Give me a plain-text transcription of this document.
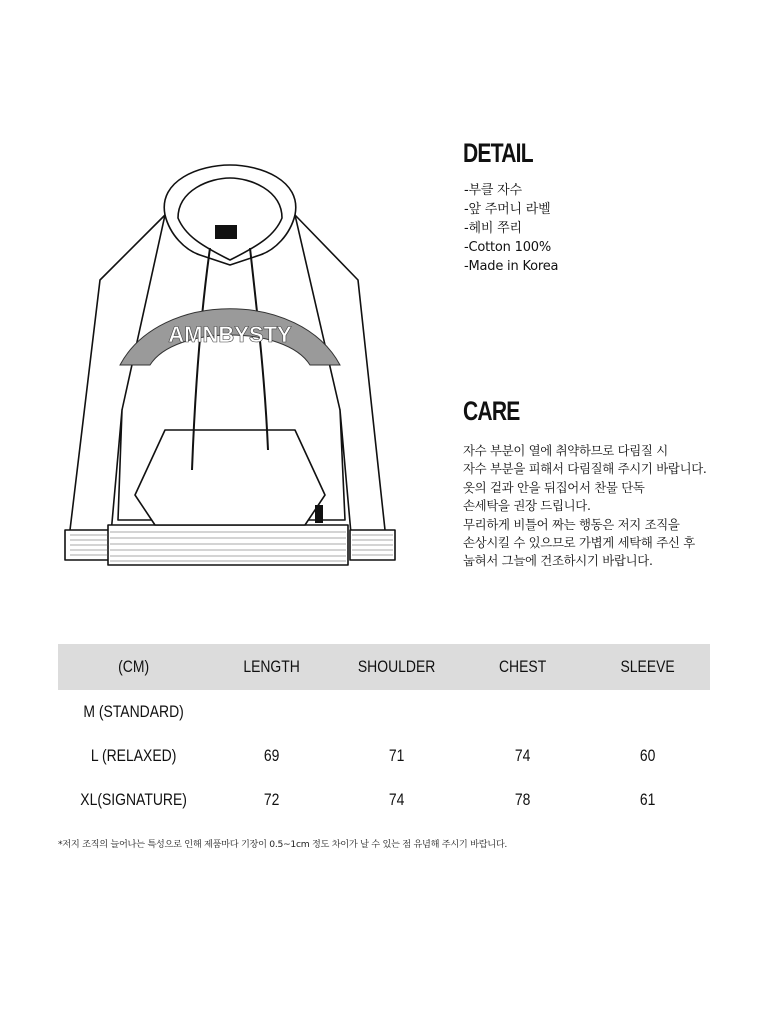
AMNBYSTY
DETAIL
-부클 자수
-앞 주머니 라벨
-헤비 쭈리
-Cotton 100%
-Made in Korea
CARE
자수 부분이 열에 취약하므로 다림질 시
자수 부분을 피해서 다림질해 주시기 바랍니다.
옷의 겉과 안을 뒤집어서 찬물 단독
손세탁을 권장 드립니다.
무리하게 비틀어 짜는 행동은 저지 조직을
손상시킬 수 있으므로 가볍게 세탁해 주신 후
눕혀서 그늘에 건조하시기 바랍니다.
(CM)	LENGTH	SHOULDER	CHEST	SLEEVE
M (STANDARD)
L (RELAXED)	69	71	74	60
XL(SIGNATURE)	72	74	78	61
*저지 조직의 늘어나는 특성으로 인해 제품마다 기장이 0.5~1cm 정도 차이가 날 수 있는 점 유념해 주시기 바랍니다.
